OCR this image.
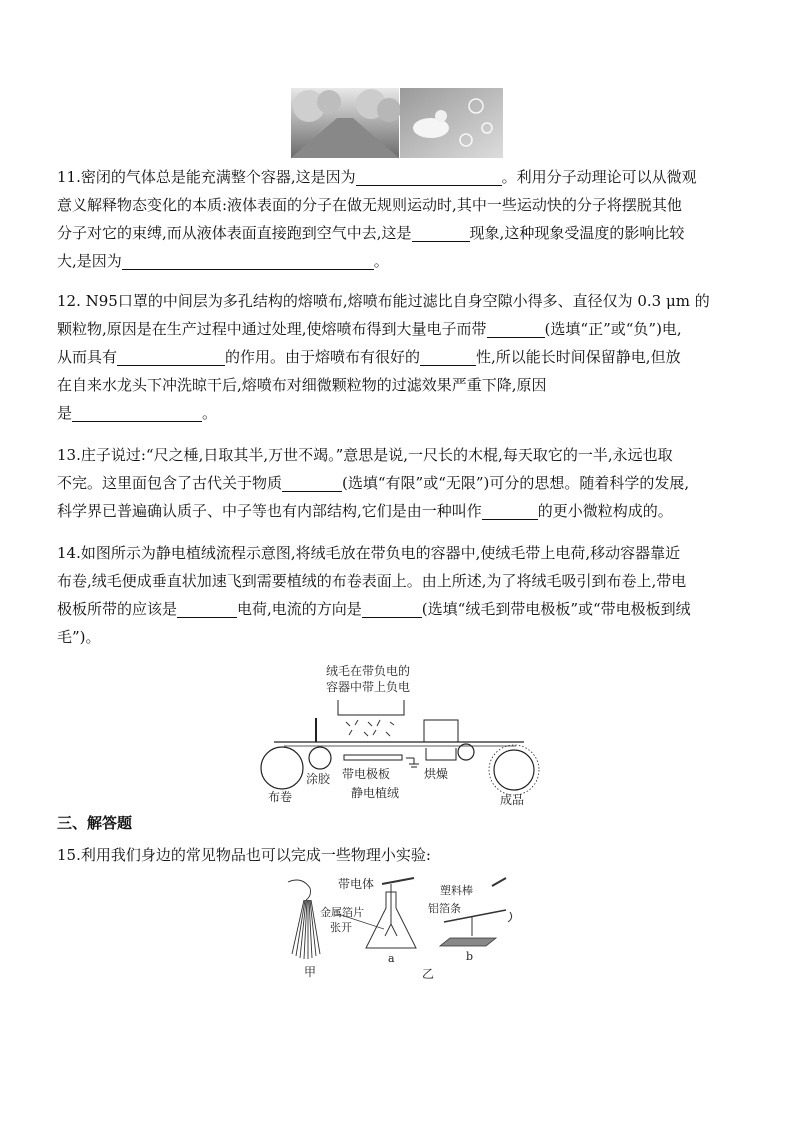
11.密闭的气体总是能充满整个容器,这是因为	。利用分子动理论可以从微观

意义解释物态变化的本质:液体表面的分子在做无规则运动时,其中一些运动快的分子将摆脱其他

分子对它的束缚,而从液体表面直接跑到空气中去,这是	现象,这种现象受温度的影响比较

大,是因为	。

12. N95口罩的中间层为多孔结构的熔喷布,熔喷布能过滤比自身空隙小得多、直径仅为 0.3 μm 的

颗粒物,原因是在生产过程中通过处理,使熔喷布得到大量电子而带	(选填“正”或“负”)电,

从而具有	的作用。由于熔喷布有很好的	性,所以能长时间保留静电,但放

在自来水龙头下冲洗晾干后,熔喷布对细微颗粒物的过滤效果严重下降,原因

是	。

13.庄子说过:“尺之棰,日取其半,万世不竭。”意思是说,一尺长的木棍,每天取它的一半,永远也取

不完。这里面包含了古代关于物质	(选填“有限”或“无限”)可分的思想。随着科学的发展,

科学界已普遍确认质子、中子等也有内部结构,它们是由一种叫作	的更小微粒构成的。

14.如图所示为静电植绒流程示意图,将绒毛放在带负电的容器中,使绒毛带上电荷,移动容器靠近

布卷,绒毛便成垂直状加速飞到需要植绒的布卷表面上。由上所述,为了将绒毛吸引到布卷上,带电

极板所带的应该是	电荷,电流的方向是	(选填“绒毛到带电极板”或“带电极板到绒

毛”)。

绒毛在带负电的
容器中带上负电
带电极板	烘燥
涂胶
静电植绒
布卷	成品
三、解答题

15.利用我们身边的常见物品也可以完成一些物理小实验:

甲
带电体
金属箔片
张开
a
塑料棒
铝箔条
b
乙
